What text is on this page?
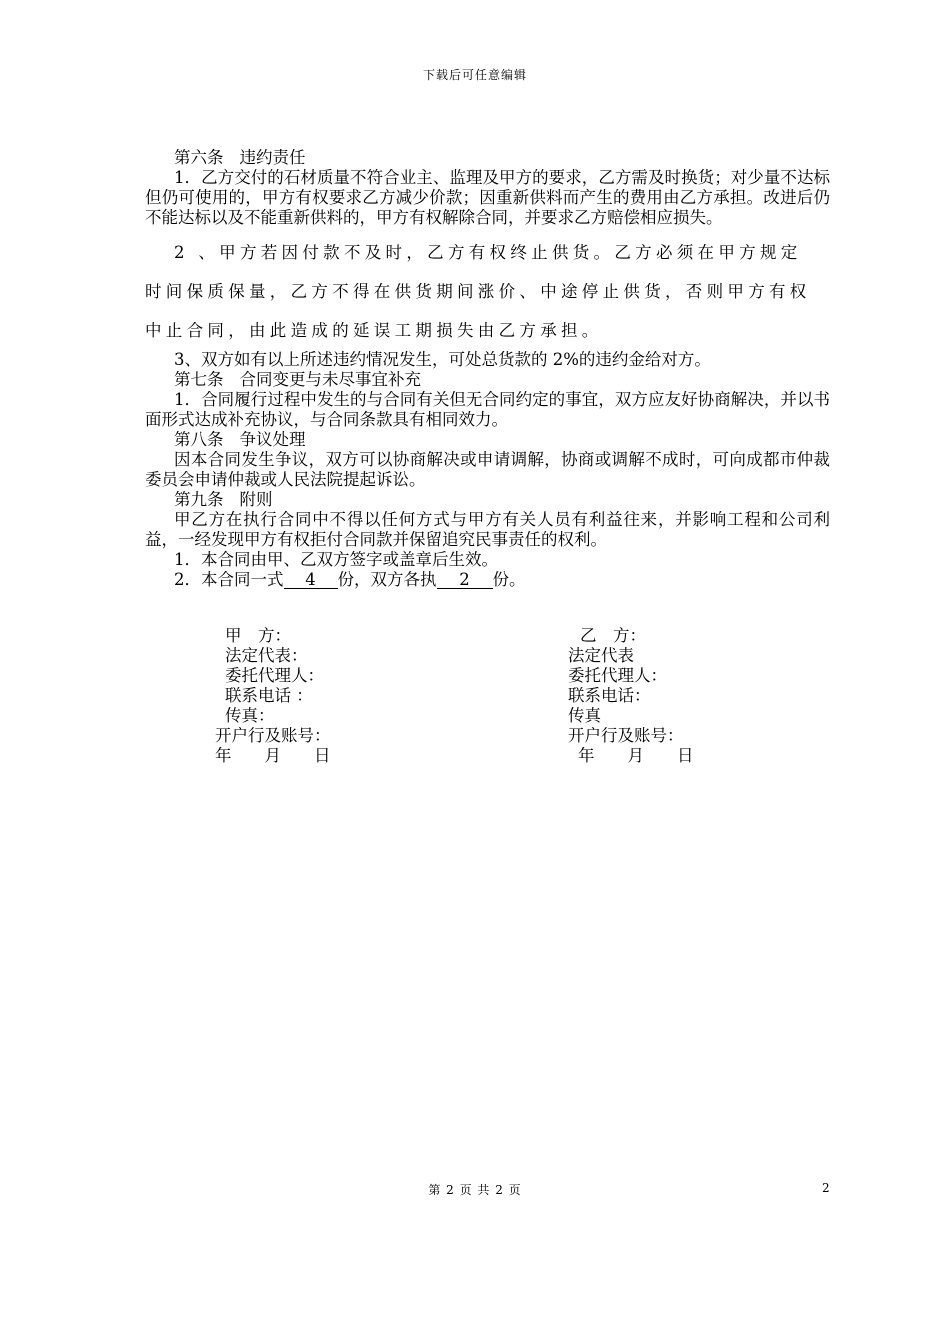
下载后可任意编辑
第六条 违约责任

1．乙方交付的石材质量不符合业主、监理及甲方的要求，乙方需及时换货；对少量不达标但仍可使用的，甲方有权要求乙方减少价款；因重新供料而产生的费用由乙方承担。改进后仍不能达标以及不能重新供料的，甲方有权解除合同，并要求乙方赔偿相应损失。

2 、甲方若因付款不及时，乙方有权终止供货。乙方必须在甲方规定
时间保质保量，乙方不得在供货期间涨价、中途停止供货，否则甲方有权
中止合同，由此造成的延误工期损失由乙方承担。

3、双方如有以上所述违约情况发生，可处总货款的 2%的违约金给对方。

第七条 合同变更与未尽事宜补充

1．合同履行过程中发生的与合同有关但无合同约定的事宜，双方应友好协商解决，并以书面形式达成补充协议，与合同条款具有相同效力。

第八条 争议处理

因本合同发生争议，双方可以协商解决或申请调解，协商或调解不成时，可向成都市仲裁委员会申请仲裁或人民法院提起诉讼。

第九条 附则

甲乙方在执行合同中不得以任何方式与甲方有关人员有利益往来，并影响工程和公司利益，一经发现甲方有权拒付合同款并保留追究民事责任的权利。

1．本合同由甲、乙双方签字或盖章后生效。

2．本合同一式 4 份，双方各执 2 份。

甲　方：
法定代表：
委托代理人：
联系电话 ：
传真：
开户行及账号：
年　　月　　日
乙　方：
法定代表
委托代理人：
联系电话：
传真
开户行及账号：
年　　月　　日
第 2 页 共 2 页	2
